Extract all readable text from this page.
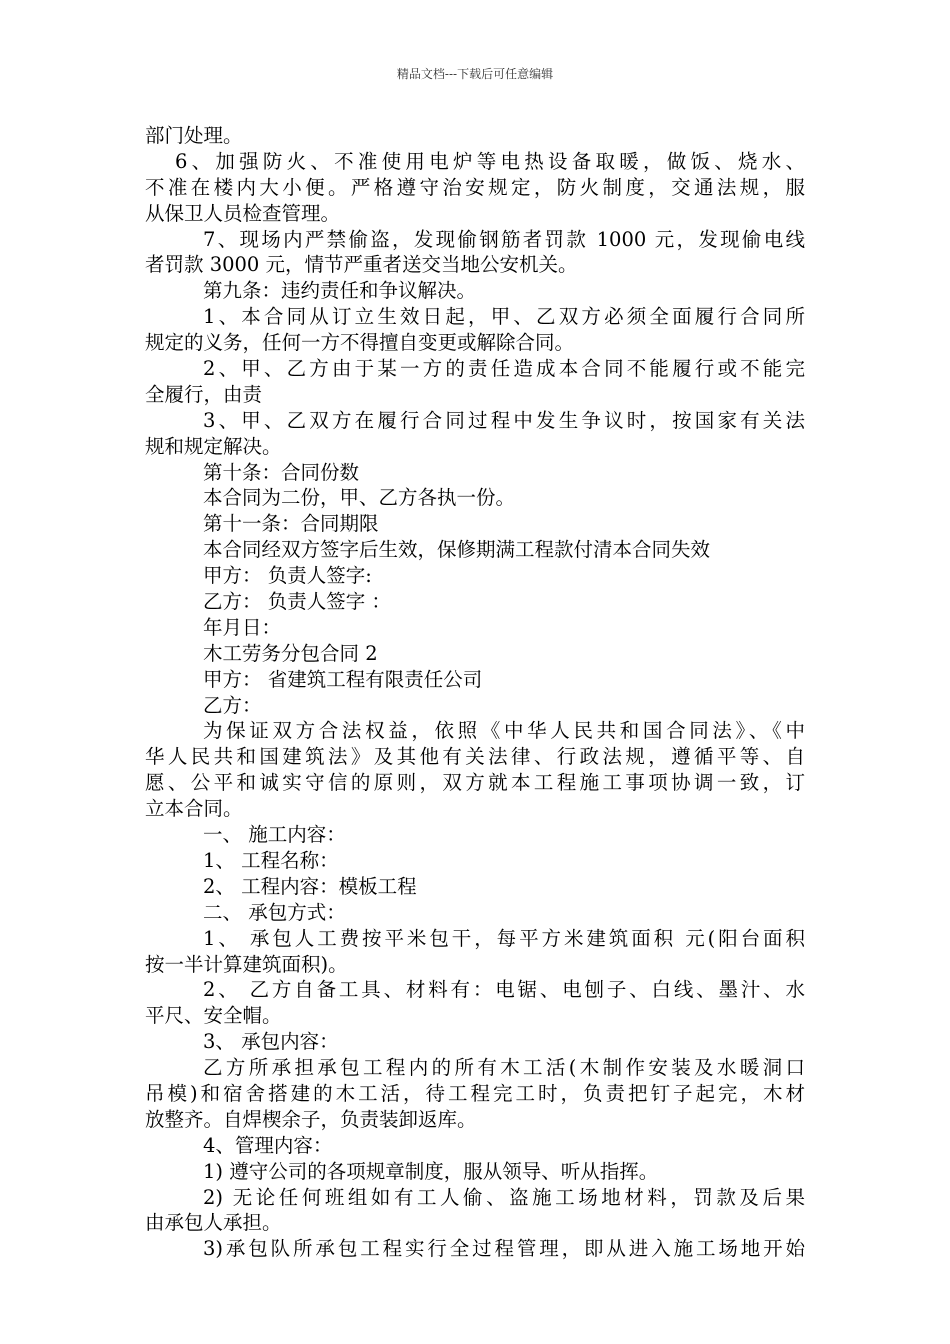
精品文档---下载后可任意编辑
部门处理。
6、加强防火、不准使用电炉等电热设备取暖，做饭、烧水、
不准在楼内大小便。严格遵守治安规定，防火制度，交通法规，服
从保卫人员检查管理。
7、现场内严禁偷盗，发现偷钢筋者罚款 1000 元，发现偷电线
者罚款 3000 元，情节严重者送交当地公安机关。
第九条：违约责任和争议解决。
1、本合同从订立生效日起，甲、乙双方必须全面履行合同所
规定的义务，任何一方不得擅自变更或解除合同。
2、甲、乙方由于某一方的责任造成本合同不能履行或不能完
全履行，由责
3、甲、乙双方在履行合同过程中发生争议时，按国家有关法
规和规定解决。
第十条：合同份数
本合同为二份，甲、乙方各执一份。
第十一条：合同期限
本合同经双方签字后生效，保修期满工程款付清本合同失效
甲方： 负责人签字:
乙方： 负责人签字 ：
年月日：
木工劳务分包合同 2
甲方： 省建筑工程有限责任公司
乙方：
为保证双方合法权益，依照《中华人民共和国合同法》、《中
华人民共和国建筑法》及其他有关法律、行政法规，遵循平等、自
愿、公平和诚实守信的原则，双方就本工程施工事项协调一致，订
立本合同。
一、 施工内容：
1、 工程名称：
2、 工程内容：模板工程
二、 承包方式：
1、 承包人工费按平米包干，每平方米建筑面积 元(阳台面积
按一半计算建筑面积)。
2、 乙方自备工具、材料有：电锯、电刨子、白线、墨汁、水
平尺、安全帽。
3、 承包内容：
乙方所承担承包工程内的所有木工活(木制作安装及水暖洞口
吊模)和宿舍搭建的木工活，待工程完工时，负责把钉子起完，木材
放整齐。自焊楔余子，负责装卸返库。
4、管理内容：
1) 遵守公司的各项规章制度，服从领导、听从指挥。
2) 无论任何班组如有工人偷、盗施工场地材料，罚款及后果
由承包人承担。
3)承包队所承包工程实行全过程管理，即从进入施工场地开始
